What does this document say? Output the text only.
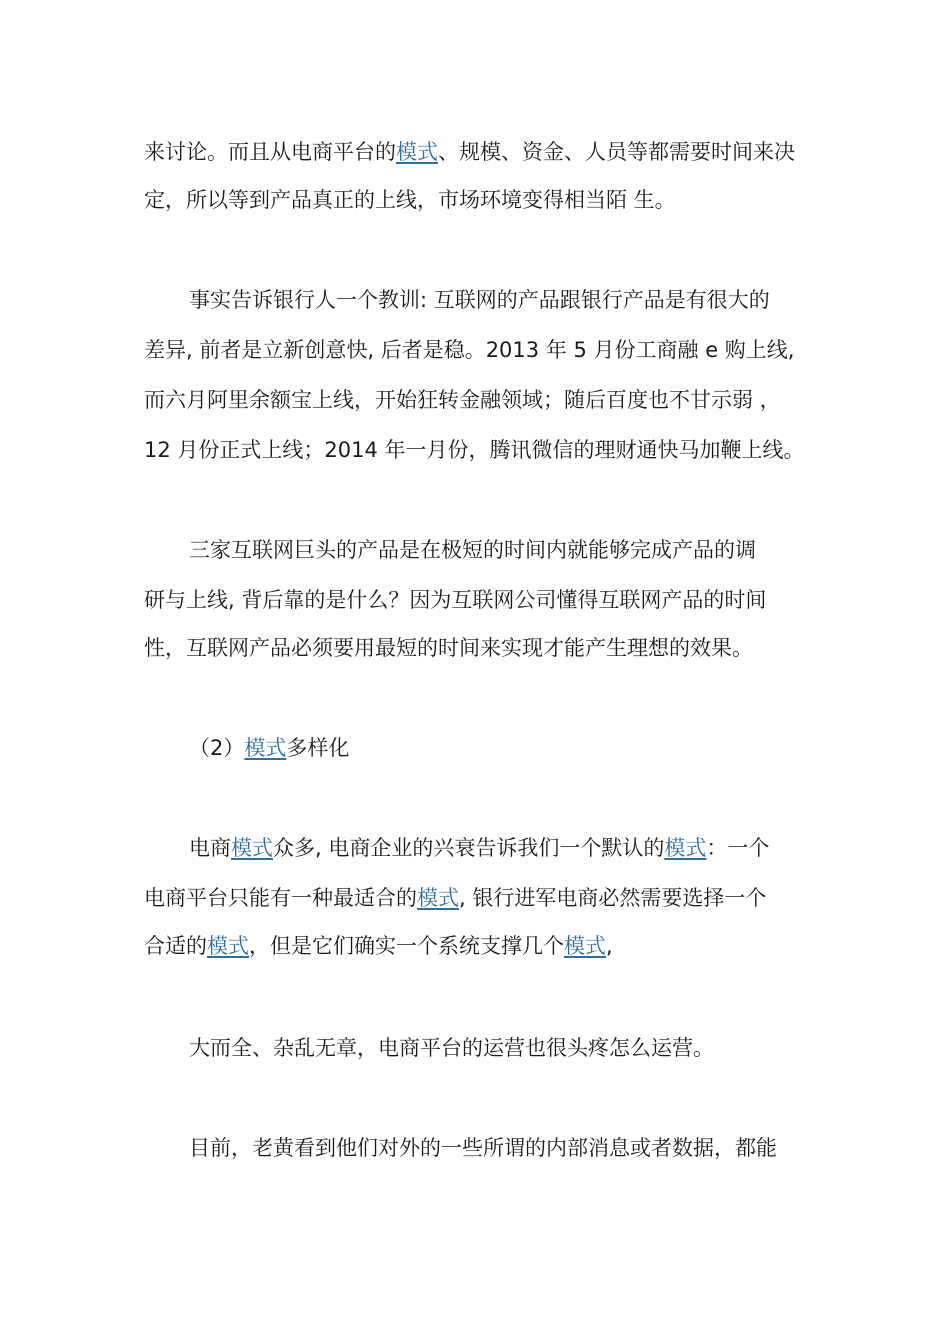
来讨论。而且从电商平台的模式、规模、资金、人员等都需要时间来决
定，所以等到产品真正的上线，市场环境变得相当陌 生。
事实告诉银行人一个教训: 互联网的产品跟银行产品是有很大的
差异, 前者是立新创意快, 后者是稳。2013 年 5 月份工商融 e 购上线,
而六月阿里余额宝上线，开始狂转金融领域；随后百度也不甘示弱 ，
12 月份正式上线；2014 年一月份，腾讯微信的理财通快马加鞭上线。
三家互联网巨头的产品是在极短的时间内就能够完成产品的调
研与上线, 背后靠的是什么？因为互联网公司懂得互联网产品的时间
性，互联网产品必须要用最短的时间来实现才能产生理想的效果。
（2）模式多样化
电商模式众多, 电商企业的兴衰告诉我们一个默认的模式：一个
电商平台只能有一种最适合的模式, 银行进军电商必然需要选择一个
合适的模式，但是它们确实一个系统支撑几个模式,
大而全、杂乱无章，电商平台的运营也很头疼怎么运营。
目前，老黄看到他们对外的一些所谓的内部消息或者数据，都能
